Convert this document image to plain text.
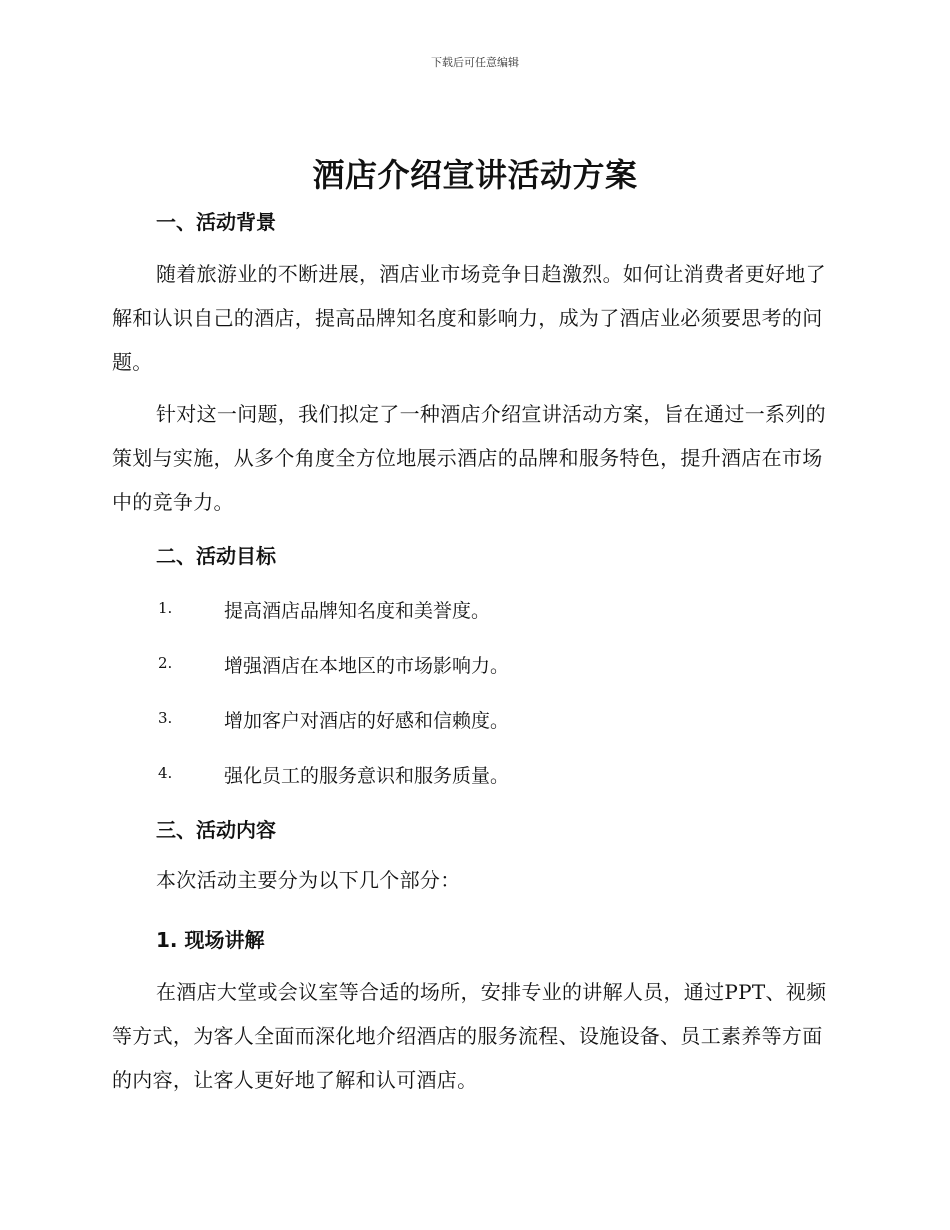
下载后可任意编辑
酒店介绍宣讲活动方案
一、活动背景

随着旅游业的不断进展，酒店业市场竞争日趋激烈。如何让消费者更好地了解和认识自己的酒店，提高品牌知名度和影响力，成为了酒店业必须要思考的问题。

针对这一问题，我们拟定了一种酒店介绍宣讲活动方案，旨在通过一系列的策划与实施，从多个角度全方位地展示酒店的品牌和服务特色，提升酒店在市场中的竞争力。

二、活动目标
1.	提高酒店品牌知名度和美誉度。
2.	增强酒店在本地区的市场影响力。
3.	增加客户对酒店的好感和信赖度。
4.	强化员工的服务意识和服务质量。
三、活动内容

本次活动主要分为以下几个部分：

1. 现场讲解

在酒店大堂或会议室等合适的场所，安排专业的讲解人员，通过PPT、视频等方式，为客人全面而深化地介绍酒店的服务流程、设施设备、员工素养等方面的内容，让客人更好地了解和认可酒店。
